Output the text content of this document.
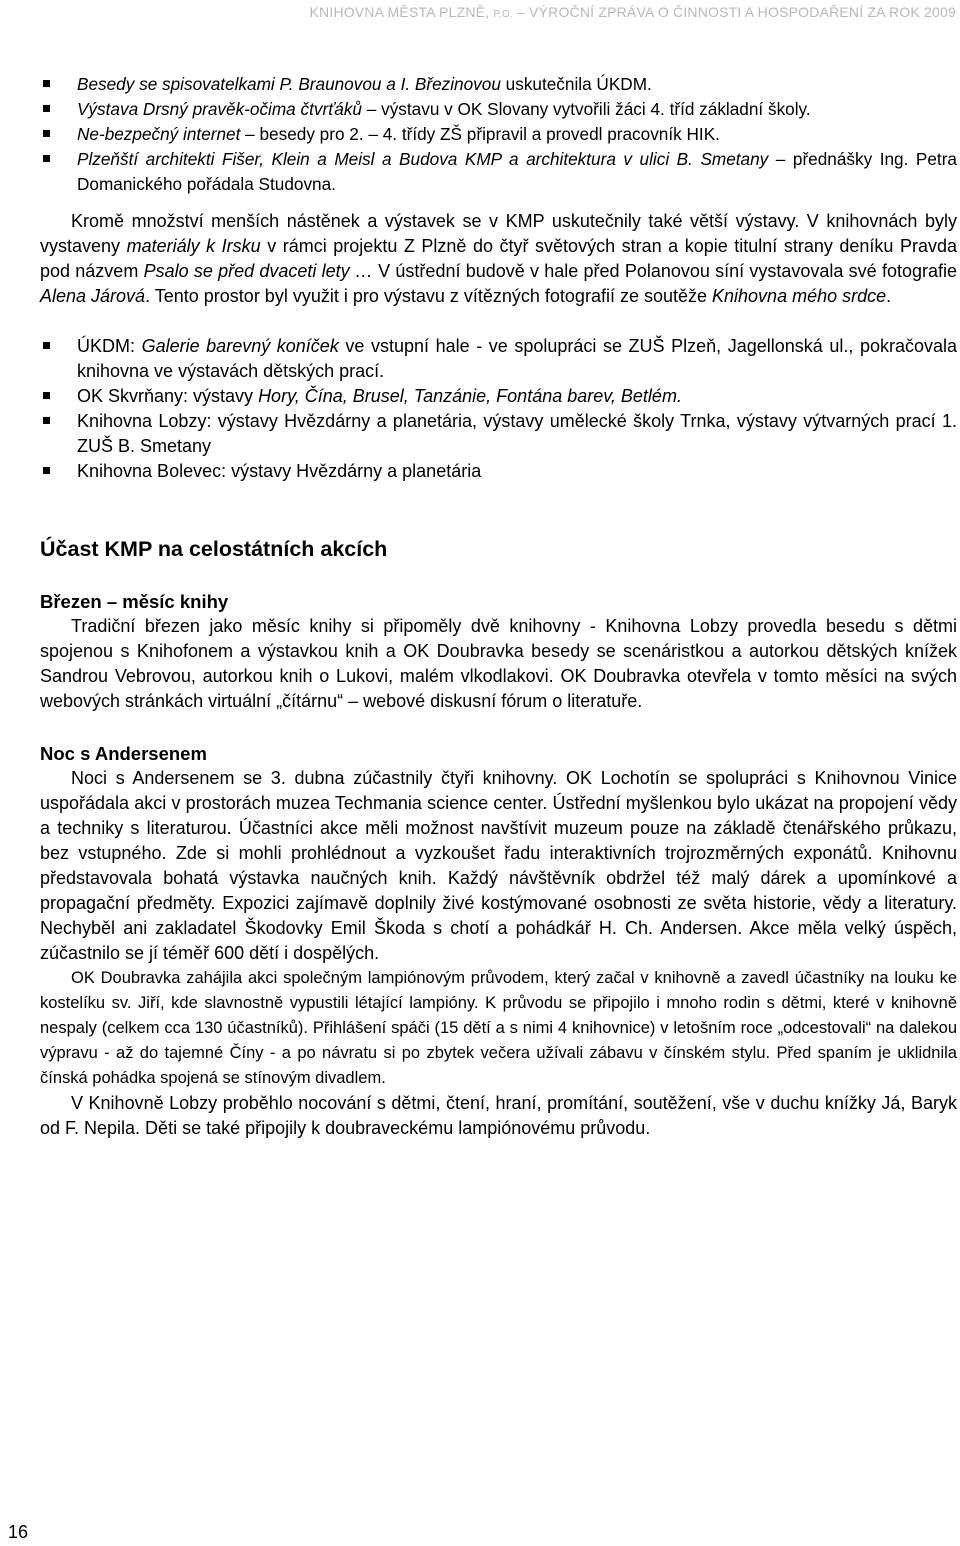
KNIHOVNA MĚSTA PLZNĚ, P.O. – VÝROČNÍ ZPRÁVA O ČINNOSTI A HOSPODAŘENÍ ZA ROK 2009
Besedy se spisovatelkami P. Braunovou a I. Březinovou uskutečnila ÚKDM.
Výstava Drsný pravěk-očima čtvrťáků – výstavu v OK Slovany vytvořili žáci 4. tříd základní školy.
Ne-bezpečný internet – besedy pro 2. – 4. třídy ZŠ připravil a provedl pracovník HIK.
Plzeňští architekti Fišer, Klein a Meisl a Budova KMP a architektura v ulici B. Smetany – přednášky Ing. Petra Domanického pořádala Studovna.

Kromě množství menších nástěnek a výstavek se v KMP uskutečnily také větší výstavy. V knihovnách byly vystaveny materiály k Irsku v rámci projektu Z Plzně do čtyř světových stran a kopie titulní strany deníku Pravda pod názvem Psalo se před dvaceti lety … V ústřední budově v hale před Polanovou síní vystavovala své fotografie Alena Járová. Tento prostor byl využit i pro výstavu z vítězných fotografií ze soutěže Knihovna mého srdce.

ÚKDM: Galerie barevný koníček ve vstupní hale - ve spolupráci se ZUŠ Plzeň, Jagellonská ul., pokračovala knihovna ve výstavách dětských prací.
OK Skvrňany: výstavy Hory, Čína, Brusel, Tanzánie, Fontána barev, Betlém.
Knihovna Lobzy: výstavy Hvězdárny a planetária, výstavy umělecké školy Trnka, výstavy výtvarných prací 1. ZUŠ B. Smetany
Knihovna Bolevec: výstavy Hvězdárny a planetária
Účast KMP na celostátních akcích
Březen – měsíc knihy

Tradiční březen jako měsíc knihy si připoměly dvě knihovny - Knihovna Lobzy provedla besedu s dětmi spojenou s Knihofonem a výstavkou knih a OK Doubravka besedy se scenáristkou a autorkou dětských knížek Sandrou Vebrovou, autorkou knih o Lukovi, malém vlkodlakovi. OK Doubravka otevřela v tomto měsíci na svých webových stránkách virtuální „čítárnu“ – webové diskusní fórum o literatuře.

Noc s Andersenem

Noci s Andersenem se 3. dubna zúčastnily čtyři knihovny. OK Lochotín se spolupráci s Knihovnou Vinice uspořádala akci v prostorách muzea Techmania science center. Ústřední myšlenkou bylo ukázat na propojení vědy a techniky s literaturou. Účastníci akce měli možnost navštívit muzeum pouze na základě čtenářského průkazu, bez vstupného. Zde si mohli prohlédnout a vyzkoušet řadu interaktivních trojrozměrných exponátů. Knihovnu představovala bohatá výstavka naučných knih. Každý návštěvník obdržel též malý dárek a upomínkové a propagační předměty. Expozici zajímavě doplnily živé kostýmované osobnosti ze světa historie, vědy a literatury. Nechyběl ani zakladatel Škodovky Emil Škoda s chotí a pohádkář H. Ch. Andersen. Akce měla velký úspěch, zúčastnilo se jí téměř 600 dětí i dospělých.

OK Doubravka zahájila akci společným lampiónovým průvodem, který začal v knihovně a zavedl účastníky na louku ke kostelíku sv. Jiří, kde slavnostně vypustili létající lampióny. K průvodu se připojilo i mnoho rodin s dětmi, které v knihovně nespaly (celkem cca 130 účastníků). Přihlášení spáči (15 dětí a s nimi 4 knihovnice) v letošním roce „odcestovali“ na dalekou výpravu - až do tajemné Číny - a po návratu si po zbytek večera užívali zábavu v čínském stylu. Před spaním je uklidnila čínská pohádka spojená se stínovým divadlem.

V Knihovně Lobzy proběhlo nocování s dětmi, čtení, hraní, promítání, soutěžení, vše v duchu knížky Já, Baryk od F. Nepila. Děti se také připojily k doubraveckému lampiónovému průvodu.

16
